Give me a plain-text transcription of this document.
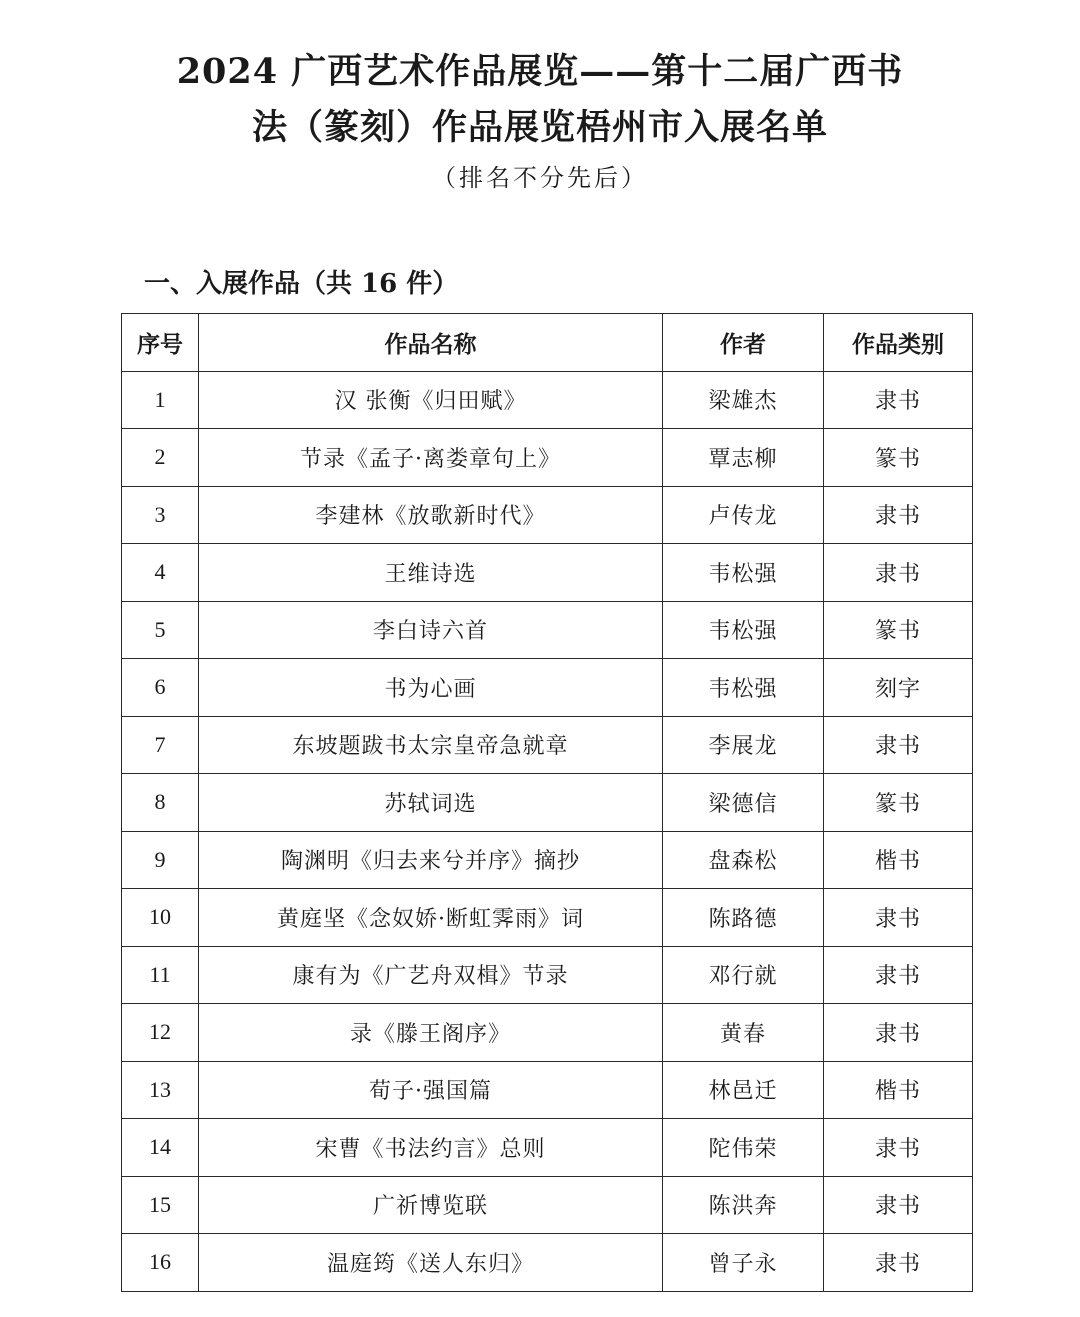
2024 广西艺术作品展览——第十二届广西书
法（篆刻）作品展览梧州市入展名单
（排名不分先后）
一、入展作品（共 16 件）
序号	作品名称	作者	作品类别
1	汉 张衡《归田赋》	梁雄杰	隶书
2	节录《孟子·离娄章句上》	覃志柳	篆书
3	李建林《放歌新时代》	卢传龙	隶书
4	王维诗选	韦松强	隶书
5	李白诗六首	韦松强	篆书
6	书为心画	韦松强	刻字
7	东坡题跋书太宗皇帝急就章	李展龙	隶书
8	苏轼词选	梁德信	篆书
9	陶渊明《归去来兮并序》摘抄	盘森松	楷书
10	黄庭坚《念奴娇·断虹霁雨》词	陈路德	隶书
11	康有为《广艺舟双楫》节录	邓行就	隶书
12	录《滕王阁序》	黄春	隶书
13	荀子·强国篇	林邑迁	楷书
14	宋曹《书法约言》总则	陀伟荣	隶书
15	广祈博览联	陈洪奔	隶书
16	温庭筠《送人东归》	曾子永	隶书
